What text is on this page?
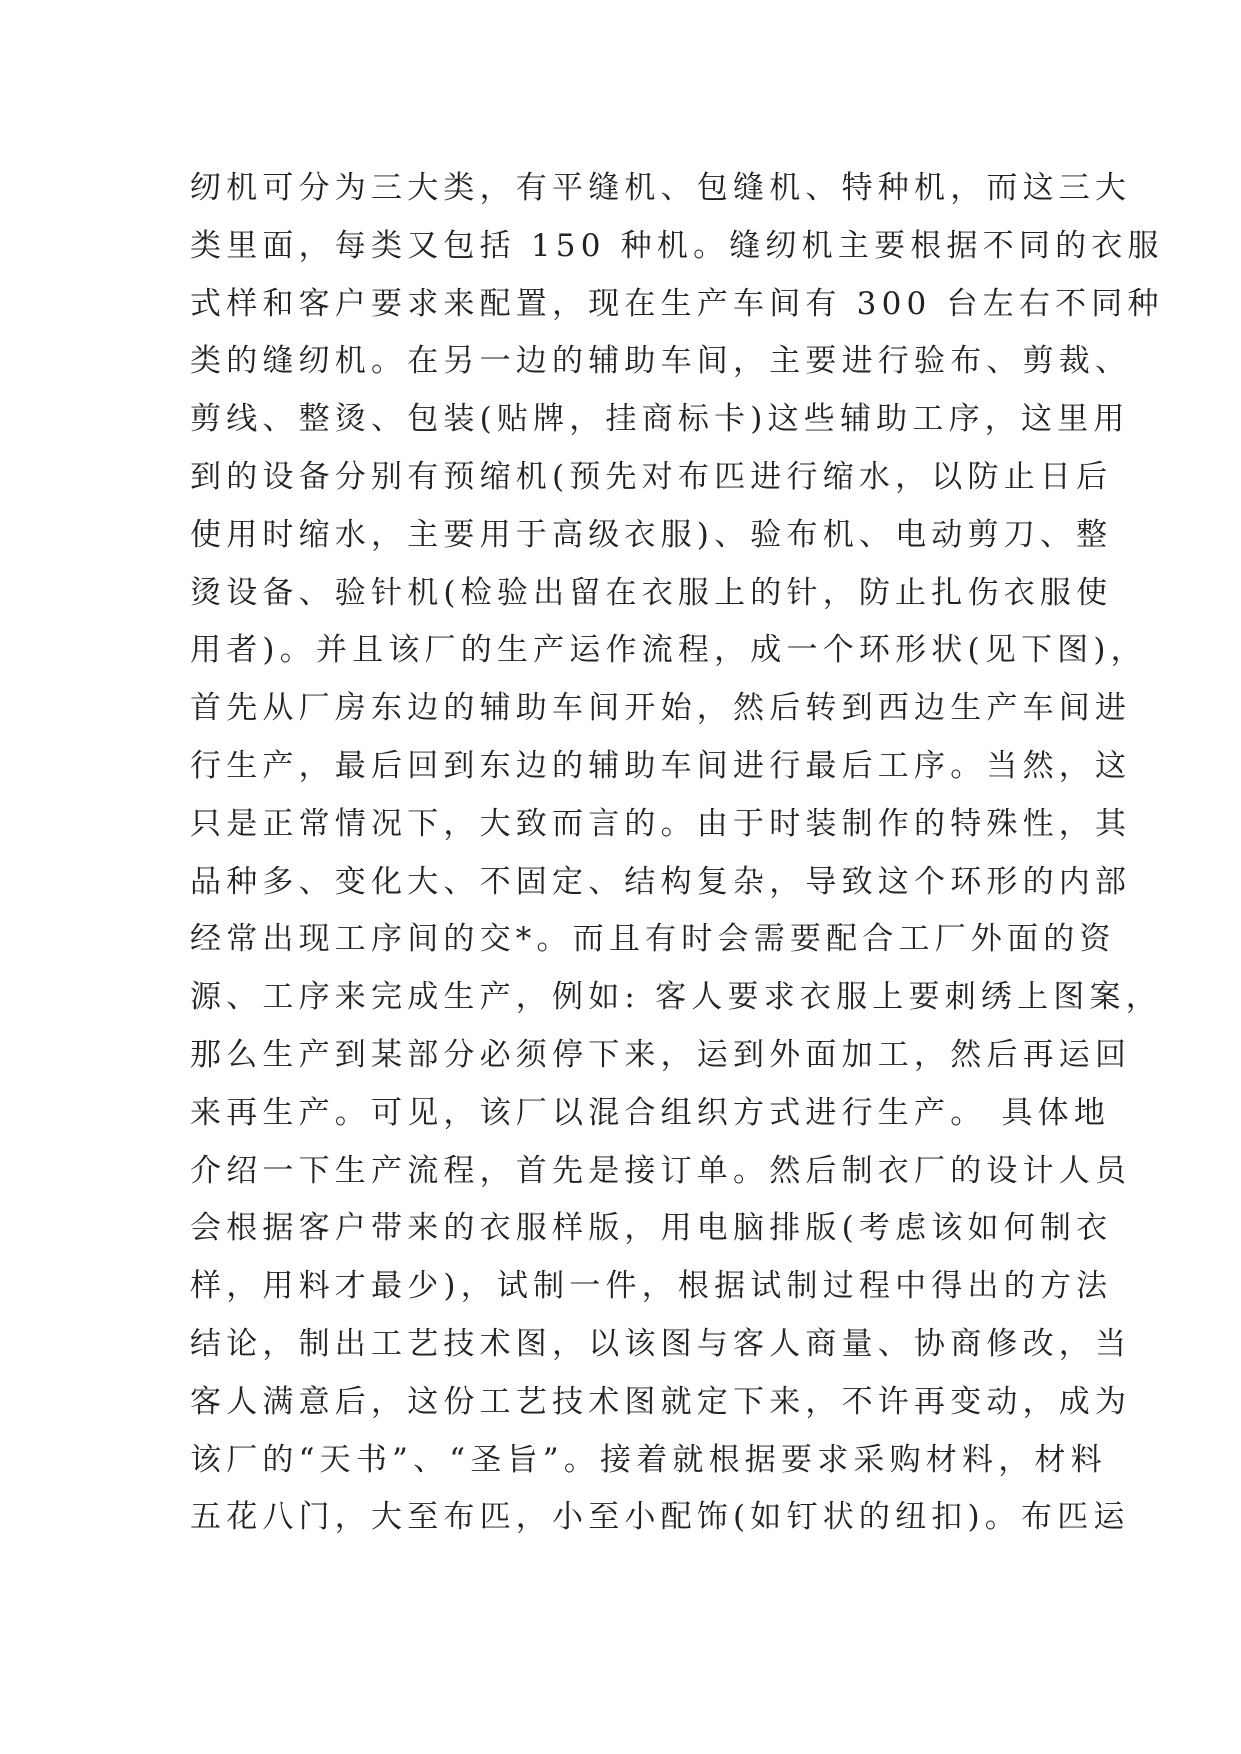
纫机可分为三大类，有平缝机、包缝机、特种机，而这三大
类里面，每类又包括 150 种机。缝纫机主要根据不同的衣服
式样和客户要求来配置，现在生产车间有 300 台左右不同种
类的缝纫机。在另一边的辅助车间，主要进行验布、剪裁、
剪线、整烫、包装(贴牌，挂商标卡)这些辅助工序，这里用
到的设备分别有预缩机(预先对布匹进行缩水，以防止日后
使用时缩水，主要用于高级衣服)、验布机、电动剪刀、整
烫设备、验针机(检验出留在衣服上的针，防止扎伤衣服使
用者)。并且该厂的生产运作流程，成一个环形状(见下图)，
首先从厂房东边的辅助车间开始，然后转到西边生产车间进
行生产，最后回到东边的辅助车间进行最后工序。当然，这
只是正常情况下，大致而言的。由于时装制作的特殊性，其
品种多、变化大、不固定、结构复杂，导致这个环形的内部
经常出现工序间的交*。而且有时会需要配合工厂外面的资
源、工序来完成生产，例如: 客人要求衣服上要刺绣上图案，
那么生产到某部分必须停下来，运到外面加工，然后再运回
来再生产。可见，该厂以混合组织方式进行生产。 具体地
介绍一下生产流程，首先是接订单。然后制衣厂的设计人员
会根据客户带来的衣服样版，用电脑排版(考虑该如何制衣
样，用料才最少)，试制一件，根据试制过程中得出的方法
结论，制出工艺技术图，以该图与客人商量、协商修改，当
客人满意后，这份工艺技术图就定下来，不许再变动，成为
该厂的“天书”、“圣旨”。接着就根据要求采购材料，材料
五花八门，大至布匹，小至小配饰(如钉状的纽扣)。布匹运
